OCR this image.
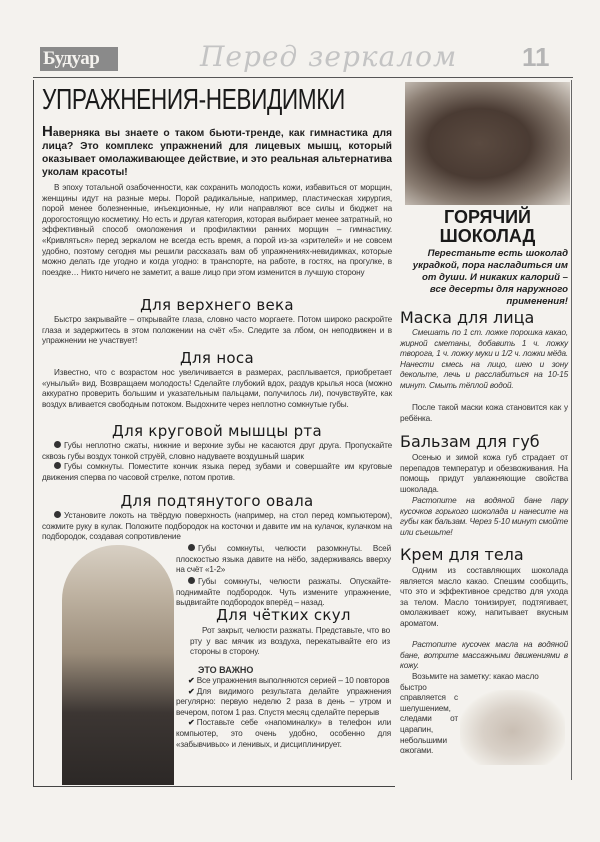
Будуар	Перед зеркалом 11
УПРАЖНЕНИЯ-НЕВИДИМКИ

Наверняка вы знаете о таком бьюти-тренде, как гимнастика для лица? Это комплекс упражнений для лицевых мышц, который оказывает омолаживающее действие, и это реальная альтернатива уколам красоты!

В эпоху тотальной озабоченности, как сохранить молодость кожи, избавиться от морщин, женщины идут на разные меры. Порой радикальные, например, пластическая хирургия, порой менее болезненные, инъекционные, ну или направляют все силы и бюджет на дорогостоящую косметику. Но есть и другая категория, которая выбирает менее затратный, но эффективный способ омоложения и профилактики ранних морщин – гимнастику. «Кривляться» перед зеркалом не всегда есть время, а порой из-за «зрителей» и не совсем удобно, поэтому сегодня мы решили рассказать вам об упражнениях-невидимках, которые можно делать где угодно и когда угодно: в транспорте, на работе, в гостях, на прогулке, в поездке… Никто ничего не заметит, а ваше лицо при этом изменится в лучшую сторону

Для верхнего века

Быстро закрывайте – открывайте глаза, словно часто моргаете. Потом широко раскройте глаза и задержитесь в этом положении на счёт «5». Следите за лбом, он неподвижен и в упражнении не участвует!

Для носа

Известно, что с возрастом нос увеличивается в размерах, расплывается, приобретает «унылый» вид. Возвращаем молодость! Сделайте глубокий вдох, раздув крылья носа (можно аккуратно проверить большим и указательным пальцами, получилось ли), почувствуйте, как воздух вливается свободным потоком. Выдохните через неплотно сомкнутые губы.

Для круговой мышцы рта

Губы неплотно сжаты, нижние и верхние зубы не касаются друг друга. Пропускайте сквозь губы воздух тонкой струёй, словно надуваете воздушный шарик

Губы сомкнуты. Поместите кончик языка перед зубами и совершайте им круговые движения сперва по часовой стрелке, потом против.

Для подтянутого овала

Установите локоть на твёрдую поверхность (например, на стол перед компьютером), сожмите руку в кулак. Положите подбородок на косточки и давите им на кулачок, кулачком на подбородок, создавая сопротивление

Губы сомкнуты, челюсти разомкнуты. Всей плоскостью языка давите на нёбо, задерживаясь вверху на счёт «1-2»

Губы сомкнуты, челюсти разжаты. Опускайте-поднимайте подбородок. Чуть измените упражнение, выдвигайте подбородок вперёд – назад.

Для чётких скул

Рот закрыт, челюсти разжаты. Представьте, что во рту у вас мячик из воздуха, перекатывайте его из стороны в сторону.

ЭТО ВАЖНО

✔ Все упражнения выполняются серией – 10 повторов

✔ Для видимого результата делайте упражнения регулярно: первую неделю 2 раза в день – утром и вечером, потом 1 раз. Спустя месяц сделайте перерыв

✔ Поставьте себе «напоминалку» в телефон или компьютер, это очень удобно, особенно для «забывчивых» и ленивых, и дисциплинирует.

ГОРЯЧИЙ
ШОКОЛАД

Перестаньте есть шоколад украдкой, пора насладиться им от души. И никаких калорий – все десерты для наружного применения!

Маска для лица

Смешать по 1 ст. ложке порошка какао, жирной сметаны, добавить 1 ч. ложку творога, 1 ч. ложку муки и 1/2 ч. ложки мёда. Нанести смесь на лицо, шею и зону декольте, лечь и расслабиться на 10-15 минут. Смыть тёплой водой.

После такой маски кожа становится как у ребёнка.

Бальзам для губ

Осенью и зимой кожа губ страдает от перепадов температур и обезвоживания. На помощь придут увлажняющие свойства шоколада.

Растопите на водяной бане пару кусочков горького шоколада и нанесите на губы как бальзам. Через 5-10 минут смойте или съешьте!

Крем для тела

Одним из составляющих шоколада является масло какао. Спешим сообщить, что это и эффективное средство для ухода за телом. Масло тонизирует, подтягивает, омолаживает кожу, напитывает вкусным ароматом.

Растопите кусочек масла на водяной бане, вотрите массажными движениями в кожу.

Возьмите на заметку: какао масло
быстро справляется с шелушением, следами от царапин, небольшими ожогами.
